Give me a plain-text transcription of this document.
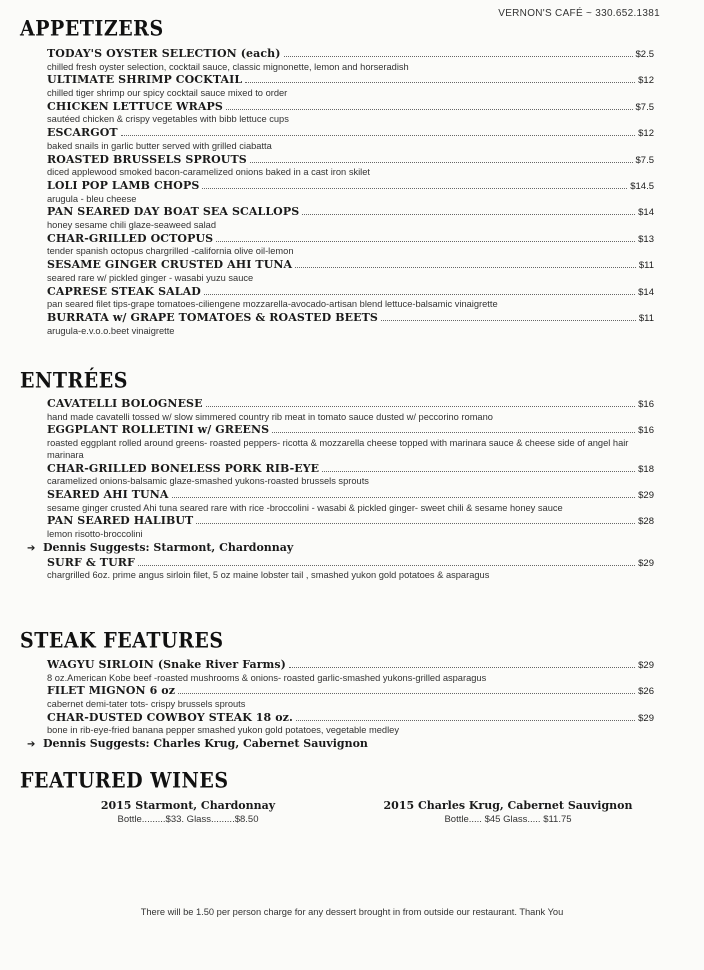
VERNON'S CAFÉ ~ 330.652.1381
APPETIZERS
TODAY'S OYSTER SELECTION (each)	$2.5
chilled fresh oyster selection, cocktail sauce, classic mignonette, lemon and horseradish
ULTIMATE SHRIMP COCKTAIL	$12
chilled tiger shrimp our spicy cocktail sauce mixed to order
CHICKEN LETTUCE WRAPS	$7.5
sautéed chicken & crispy vegetables with bibb lettuce cups
ESCARGOT	$12
baked snails in garlic butter served with grilled ciabatta
ROASTED BRUSSELS SPROUTS	$7.5
diced applewood smoked bacon-caramelized onions baked in a cast iron skilet
LOLI POP LAMB CHOPS	$14.5
arugula - bleu cheese
PAN SEARED DAY BOAT SEA SCALLOPS	$14
honey sesame chili glaze-seaweed salad
CHAR-GRILLED OCTOPUS	$13
tender spanish octopus chargrilled -california olive oil-lemon
SESAME GINGER CRUSTED AHI TUNA	$11
seared rare w/ pickled ginger - wasabi yuzu sauce
CAPRESE STEAK SALAD	$14
pan seared filet tips-grape tomatoes-ciliengene mozzarella-avocado-artisan blend lettuce-balsamic vinaigrette
BURRATA w/ GRAPE TOMATOES & ROASTED BEETS	$11
arugula-e.v.o.o.beet vinaigrette
ENTRÉES
CAVATELLI BOLOGNESE	$16
hand made cavatelli tossed w/ slow simmered country rib meat in tomato sauce dusted w/ peccorino romano
EGGPLANT ROLLETINI w/ GREENS	$16
roasted eggplant rolled around greens- roasted peppers- ricotta & mozzarella cheese topped with marinara sauce & cheese side of angel hair marinara
CHAR-GRILLED BONELESS PORK RIB-EYE	$18
caramelized onions-balsamic glaze-smashed yukons-roasted brussels sprouts
SEARED AHI TUNA	$29
sesame ginger crusted Ahi tuna seared rare with rice -broccolini - wasabi & pickled ginger- sweet chili & sesame honey sauce
PAN SEARED HALIBUT	$28
lemon risotto-broccolini
➔ Dennis Suggests: Starmont, Chardonnay
SURF & TURF	$29
chargrilled 6oz. prime angus sirloin filet, 5 oz maine lobster tail , smashed yukon gold potatoes & asparagus
STEAK FEATURES
WAGYU SIRLOIN (Snake River Farms)	$29
8 oz.American Kobe beef -roasted mushrooms & onions- roasted garlic-smashed yukons-grilled asparagus
FILET MIGNON 6 oz	$26
cabernet demi-tater tots- crispy brussels sprouts
CHAR-DUSTED COWBOY STEAK 18 oz.	$29
bone in rib-eye-fried banana pepper smashed yukon gold potatoes, vegetable medley
➔ Dennis Suggests: Charles Krug, Cabernet Sauvignon
FEATURED WINES
2015 Starmont, Chardonnay
Bottle.........$33. Glass.........$8.50
2015 Charles Krug, Cabernet Sauvignon
Bottle..... $45 Glass..... $11.75
There will be 1.50 per person charge for any dessert brought in from outside our restaurant. Thank You
